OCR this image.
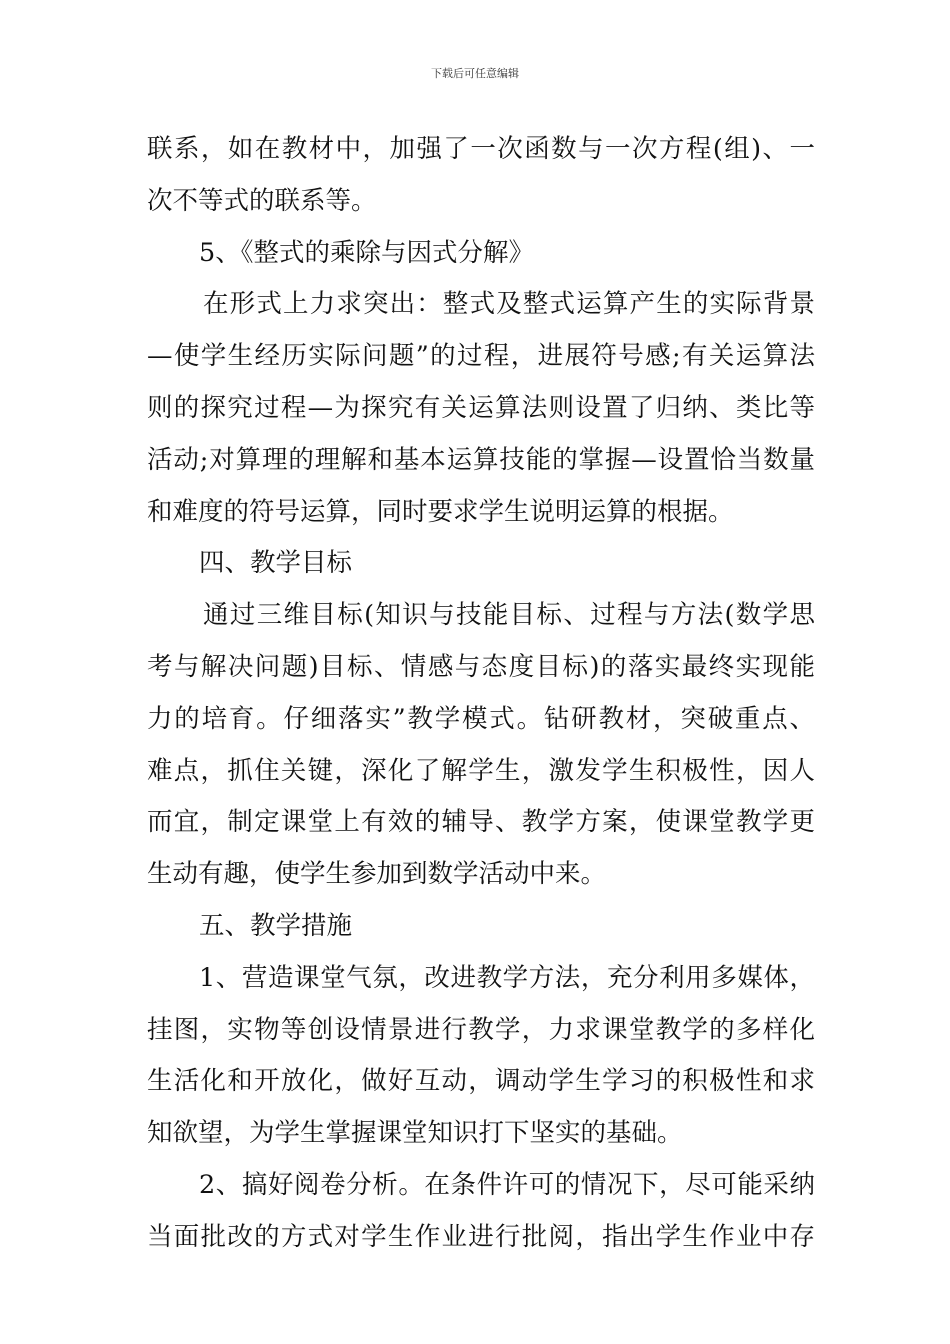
下载后可任意编辑
联系，如在教材中，加强了一次函数与一次方程(组)、一
次不等式的联系等。
5、《整式的乘除与因式分解》
在形式上力求突出：整式及整式运算产生的实际背景
—使学生经历实际问题”的过程，进展符号感;有关运算法
则的探究过程—为探究有关运算法则设置了归纳、类比等
活动;对算理的理解和基本运算技能的掌握—设置恰当数量
和难度的符号运算，同时要求学生说明运算的根据。
四、教学目标
通过三维目标(知识与技能目标、过程与方法(数学思
考与解决问题)目标、情感与态度目标)的落实最终实现能
力的培育。仔细落实”教学模式。钻研教材，突破重点、
难点，抓住关键，深化了解学生，激发学生积极性，因人
而宜，制定课堂上有效的辅导、教学方案，使课堂教学更
生动有趣，使学生参加到数学活动中来。
五、教学措施
1、营造课堂气氛，改进教学方法，充分利用多媒体，
挂图，实物等创设情景进行教学，力求课堂教学的多样化
生活化和开放化，做好互动，调动学生学习的积极性和求
知欲望，为学生掌握课堂知识打下坚实的基础。
2、搞好阅卷分析。在条件许可的情况下，尽可能采纳
当面批改的方式对学生作业进行批阅，指出学生作业中存
